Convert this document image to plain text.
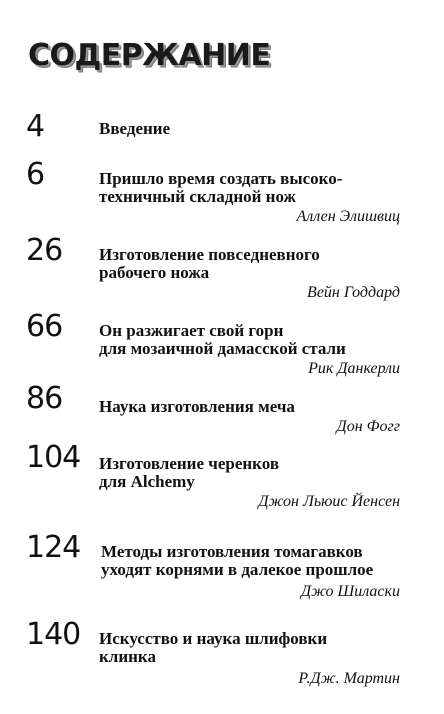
СОДЕРЖАНИЕ
4	Введение
6	Пришло время создать высоко-
техничный складной нож
Аллен Элишвиц
26 Изготовление повседневного
рабочего ножа
Вейн Годдард
66 Он разжигает свой горн
для мозаичной дамасской стали
Рик Данкерли
86 Наука изготовления меча
Дон Фогг
104 Изготовление черенков
для Alchemy
Джон Льюис Йенсен
124 Методы изготовления томагавков
уходят корнями в далекое прошлое
Джо Шиласки
140 Искусство и наука шлифовки
клинка
Р.Дж. Мартин
